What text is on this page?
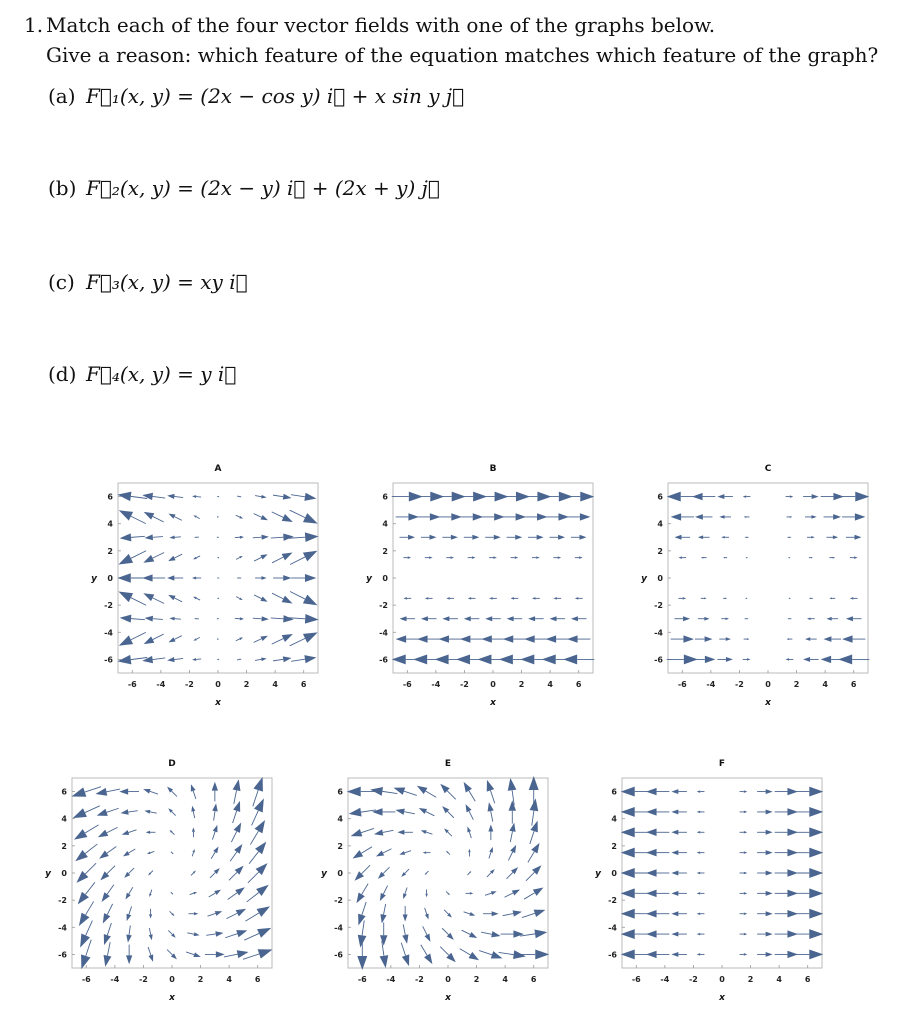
1. Match each of the four vector fields with one of the graphs below.
Give a reason: which feature of the equation matches which feature of the graph?
(a) F⃗₁(x, y) = (2x − cos y) i⃗ + x sin y j⃗
(b) F⃗₂(x, y) = (2x − y) i⃗ + (2x + y) j⃗
(c) F⃗₃(x, y) = xy i⃗
(d) F⃗₄(x, y) = y i⃗
A
-6
-6
-4
-4
-2
-2
0
0
2
2
4
4
6
6
x
y
B
-6
-6
-4
-4
-2
-2
0
0
2
2
4
4
6
6
x
y
C
-6
-6
-4
-4
-2
-2
0
0
2
2
4
4
6
6
x
y
D
-6
-6
-4
-4
-2
-2
0
0
2
2
4
4
6
6
x
y
E
-6
-6
-4
-4
-2
-2
0
0
2
2
4
4
6
6
x
y
F
-6
-6
-4
-4
-2
-2
0
0
2
2
4
4
6
6
x
y
